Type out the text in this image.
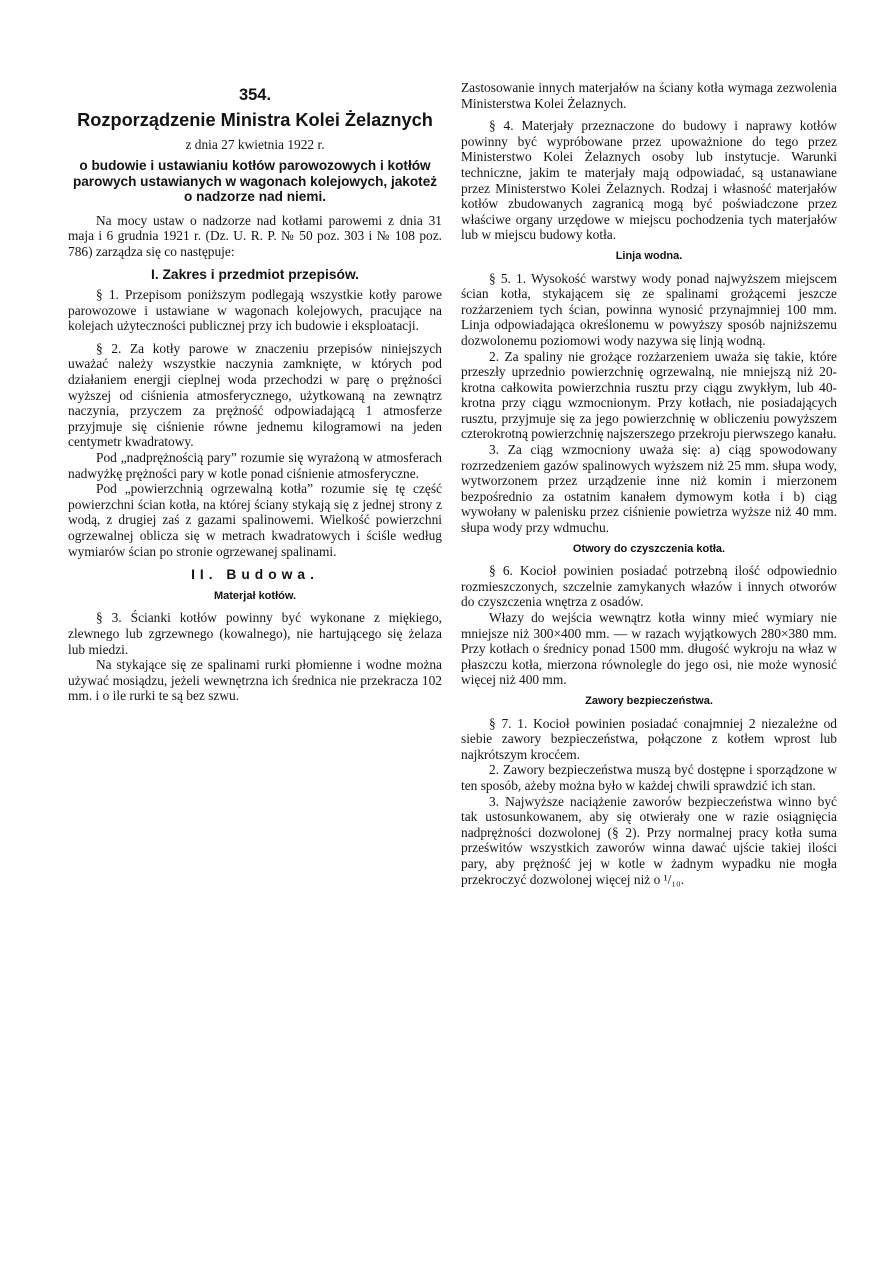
354.

Rozporządzenie Ministra Kolei Żelaznych

z dnia 27 kwietnia 1922 r.

o budowie i ustawianiu kotłów parowozowych i kotłów parowych ustawianych w wagonach kolejowych, jakoteż o nadzorze nad niemi.

Na mocy ustaw o nadzorze nad kotłami parowemi z dnia 31 maja i 6 grudnia 1921 r. (Dz. U. R. P. № 50 poz. 303 i № 108 poz. 786) zarządza się co następuje:

I. Zakres i przedmiot przepisów.

§ 1. Przepisom poniższym podlegają wszystkie kotły parowe parowozowe i ustawiane w wagonach kolejowych, pracujące na kolejach użyteczności publicznej przy ich budowie i eksploatacji.

§ 2. Za kotły parowe w znaczeniu przepisów niniejszych uważać należy wszystkie naczynia zamknięte, w których pod działaniem energji cieplnej woda przechodzi w parę o prężności wyższej od ciśnienia atmosferycznego, użytkowaną na zewnątrz naczynia, przyczem za prężność odpowiadającą 1 atmosferze przyjmuje się ciśnienie równe jednemu kilogramowi na jeden centymetr kwadratowy.

Pod „nadprężnością pary” rozumie się wyrażoną w atmosferach nadwyżkę prężności pary w kotle ponad ciśnienie atmosferyczne.

Pod „powierzchnią ogrzewalną kotła” rozumie się tę część powierzchni ścian kotła, na której ściany stykają się z jednej strony z wodą, z drugiej zaś z gazami spalinowemi. Wielkość powierzchni ogrzewalnej oblicza się w metrach kwadratowych i ściśle według wymiarów ścian po stronie ogrzewanej spalinami.

II. Budowa.

Materjał kotłów.

§ 3. Ścianki kotłów powinny być wykonane z miękiego, zlewnego lub zgrzewnego (kowalnego), nie hartującego się żelaza lub miedzi.

Na stykające się ze spalinami rurki płomienne i wodne można używać mosiądzu, jeżeli wewnętrzna ich średnica nie przekracza 102 mm. i o ile rurki te są bez szwu.

Zastosowanie innych materjałów na ściany kotła wymaga zezwolenia Ministerstwa Kolei Żelaznych.

§ 4. Materjały przeznaczone do budowy i naprawy kotłów powinny być wypróbowane przez upoważnione do tego przez Ministerstwo Kolei Żelaznych osoby lub instytucje. Warunki techniczne, jakim te materjały mają odpowiadać, są ustanawiane przez Ministerstwo Kolei Żelaznych. Rodzaj i własność materjałów kotłów zbudowanych zagranicą mogą być poświadczone przez właściwe organy urzędowe w miejscu pochodzenia tych materjałów lub w miejscu budowy kotła.

Linja wodna.

§ 5. 1. Wysokość warstwy wody ponad najwyższem miejscem ścian kotła, stykającem się ze spalinami grożącemi jeszcze rozżarzeniem tych ścian, powinna wynosić przynajmniej 100 mm. Linja odpowiadająca określonemu w powyższy sposób najniższemu dozwolonemu poziomowi wody nazywa się linją wodną.

2. Za spaliny nie grożące rozżarzeniem uważa się takie, które przeszły uprzednio powierzchnię ogrzewalną, nie mniejszą niż 20-krotna całkowita powierzchnia rusztu przy ciągu zwykłym, lub 40-krotna przy ciągu wzmocnionym. Przy kotłach, nie posiadających rusztu, przyjmuje się za jego powierzchnię w obliczeniu powyższem czterokrotną powierzchnię najszerszego przekroju pierwszego kanału.

3. Za ciąg wzmocniony uważa się: a) ciąg spowodowany rozrzedzeniem gazów spalinowych wyższem niż 25 mm. słupa wody, wytworzonem przez urządzenie inne niż komin i mierzonem bezpośrednio za ostatnim kanałem dymowym kotła i b) ciąg wywołany w palenisku przez ciśnienie powietrza wyższe niż 40 mm. słupa wody przy wdmuchu.

Otwory do czyszczenia kotła.

§ 6. Kocioł powinien posiadać potrzebną ilość odpowiednio rozmieszczonych, szczelnie zamykanych włazów i innych otworów do czyszczenia wnętrza z osadów.

Włazy do wejścia wewnątrz kotła winny mieć wymiary nie mniejsze niż 300×400 mm. — w razach wyjątkowych 280×380 mm. Przy kotłach o średnicy ponad 1500 mm. długość wykroju na właz w płaszczu kotła, mierzona równolegle do jego osi, nie może wynosić więcej niż 400 mm.

Zawory bezpieczeństwa.

§ 7. 1. Kocioł powinien posiadać conajmniej 2 niezależne od siebie zawory bezpieczeństwa, połączone z kotłem wprost lub najkrótszym krocćem.

2. Zawory bezpieczeństwa muszą być dostępne i sporządzone w ten sposób, ażeby można było w każdej chwili sprawdzić ich stan.

3. Najwyższe naciążenie zaworów bezpieczeństwa winno być tak ustosunkowanem, aby się otwierały one w razie osiągnięcia nadprężności dozwolonej (§ 2). Przy normalnej pracy kotła suma prześwitów wszystkich zaworów winna dawać ujście takiej ilości pary, aby prężność jej w kotle w żadnym wypadku nie mogła przekroczyć dozwolonej więcej niż o ¹/₁₀.
